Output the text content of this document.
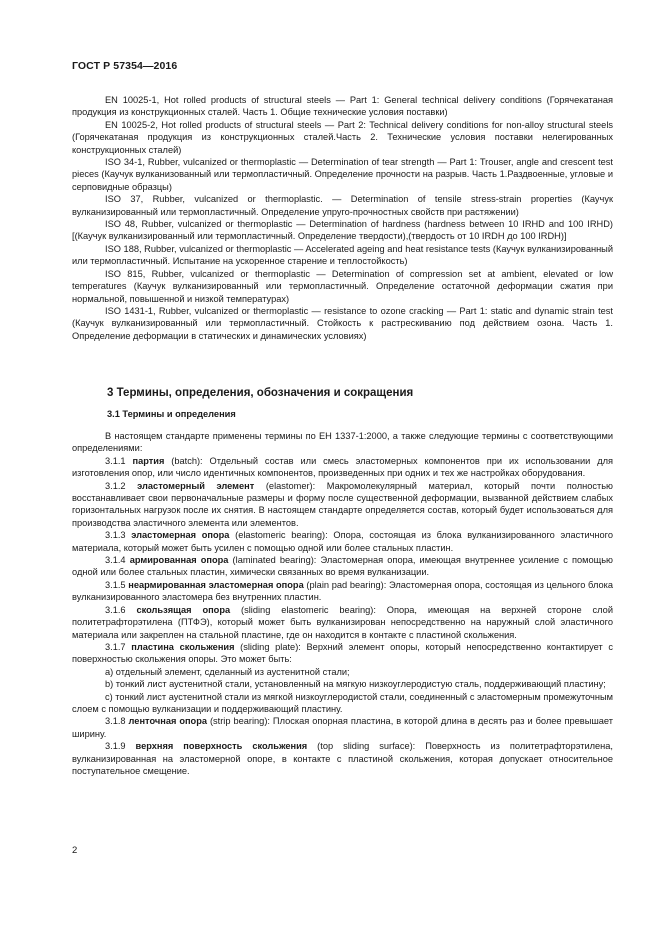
ГОСТ Р 57354—2016

EN 10025-1, Hot rolled products of structural steels — Part 1: General technical delivery conditions (Горячекатаная продукция из конструкционных сталей. Часть 1. Общие технические условия поставки)

EN 10025-2, Hot rolled products of structural steels — Part 2: Technical delivery conditions for non-alloy structural steels (Горячекатаная продукция из конструкционных сталей.Часть 2. Технические условия поставки нелегированных конструкционных сталей)

ISO 34-1, Rubber, vulcanized or thermoplastic — Determination of tear strength — Part 1: Trouser, angle and crescent test pieces (Каучук вулканизованный или термопластичный. Определение прочности на разрыв. Часть 1.Раздвоенные, угловые и серповидные образцы)

ISO 37, Rubber, vulcanized or thermoplastic. — Determination of tensile stress-strain properties (Каучук вулканизированный или термопластичный. Определение упруго-прочностных свойств при растяжении)

ISO 48, Rubber, vulcanized or thermoplastic — Determination of hardness (hardness between 10 IRHD and 100 IRHD) [(Каучук вулканизированный или термопластичный. Определение твердости),(твердость от 10 IRDH до 100 IRDH)]

ISO 188, Rubber, vulcanized or thermoplastic — Accelerated ageing and heat resistance tests (Каучук вулканизированный или термопластичный. Испытание на ускоренное старение и теплостойкость)

ISO 815, Rubber, vulcanized or thermoplastic — Determination of compression set at ambient, elevated or low temperatures (Каучук вулканизированный или термопластичный. Определение остаточной деформации сжатия при нормальной, повышенной и низкой температурах)

ISO 1431-1, Rubber, vulcanized or thermoplastic — resistance to ozone cracking — Part 1: static and dynamic strain test (Каучук вулканизированный или термопластичный. Стойкость к растрескиванию под действием озона. Часть 1. Определение деформации в статических и динамических условиях)

3 Термины, определения, обозначения и сокращения
3.1 Термины и определения

В настоящем стандарте применены термины по ЕН 1337-1:2000, а также следующие термины с соответствующими определениями:

3.1.1 партия (batch): Отдельный состав или смесь эластомерных компонентов при их использовании для изготовления опор, или число идентичных компонентов, произведенных при одних и тех же настройках оборудования.

3.1.2 эластомерный элемент (elastomer): Макромолекулярный материал, который почти полностью восстанавливает свои первоначальные размеры и форму после существенной деформации, вызванной действием слабых горизонтальных нагрузок после их снятия. В настоящем стандарте определяется состав, который будет использоваться для производства эластичного элемента или элементов.

3.1.3 эластомерная опора (elastomeric bearing): Опора, состоящая из блока вулканизированного эластичного материала, который может быть усилен с помощью одной или более стальных пластин.

3.1.4 армированная опора (laminated bearing): Эластомерная опора, имеющая внутреннее усиление с помощью одной или более стальных пластин, химически связанных во время вулканизации.

3.1.5 неармированная эластомерная опора (plain pad bearing): Эластомерная опора, состоящая из цельного блока вулканизированного эластомера без внутренних пластин.

3.1.6 скользящая опора (sliding elastomeric bearing): Опора, имеющая на верхней стороне слой политетрафторэтилена (ПТФЭ), который может быть вулканизирован непосредственно на наружный слой эластичного материала или закреплен на стальной пластине, где он находится в контакте с пластиной скольжения.

3.1.7 пластина скольжения (sliding plate): Верхний элемент опоры, который непосредственно контактирует с поверхностью скольжения опоры. Это может быть:

а) отдельный элемент, сделанный из аустенитной стали;

b) тонкий лист аустенитной стали, установленный на мягкую низкоуглеродистую сталь, поддерживающий пластину;

с) тонкий лист аустенитной стали из мягкой низкоуглеродистой стали, соединенный с эластомерным промежуточным слоем с помощью вулканизации и поддерживающий пластину.

3.1.8 ленточная опора (strip bearing): Плоская опорная пластина, в которой длина в десять раз и более превышает ширину.

3.1.9 верхняя поверхность скольжения (top sliding surface): Поверхность из политетрафторэтилена, вулканизированная на эластомерной опоре, в контакте с пластиной скольжения, которая допускает относительное поступательное смещение.

2
